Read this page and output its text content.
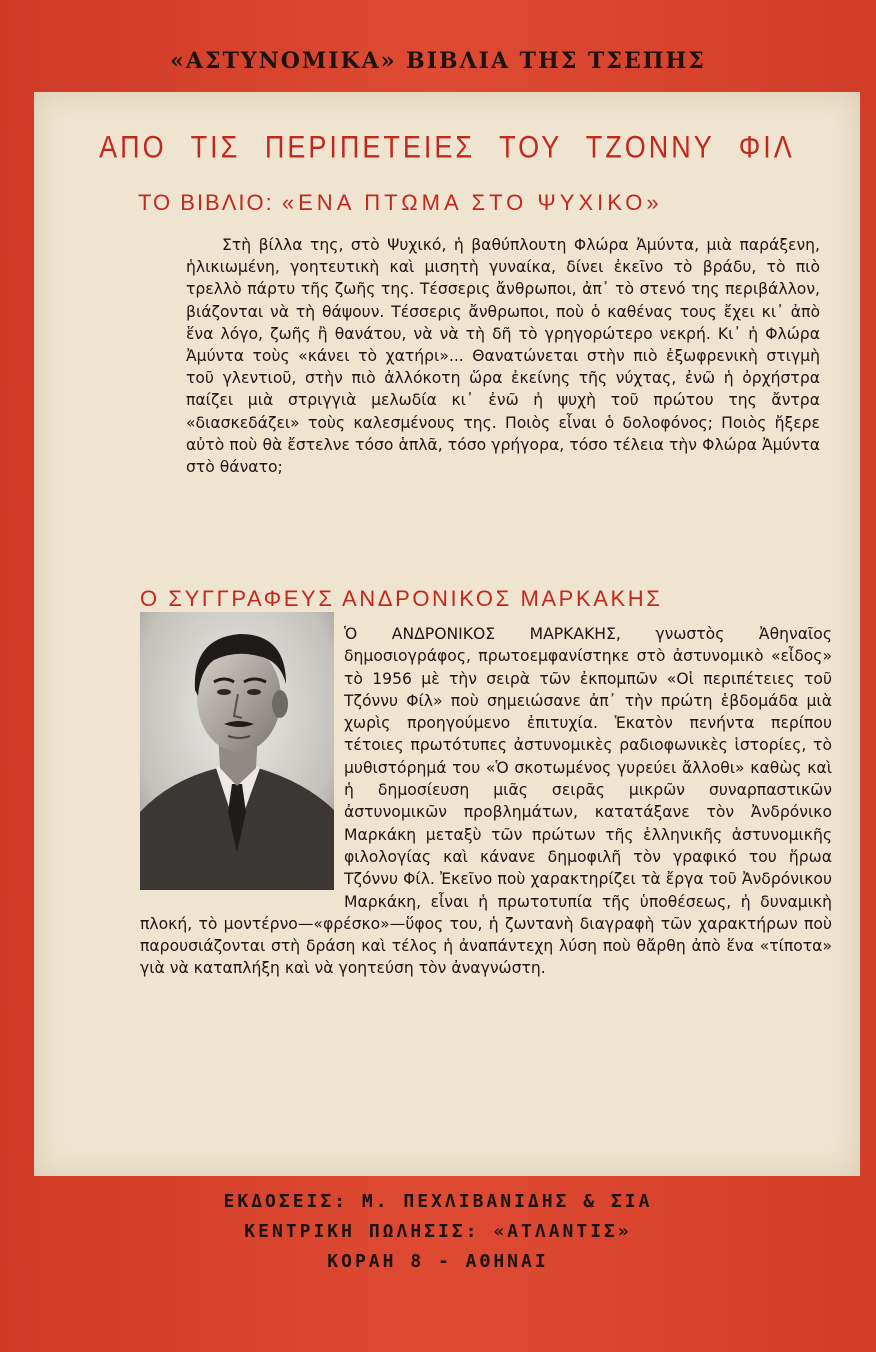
«ΑΣΤΥΝΟΜΙΚΑ» ΒΙΒΛΙΑ ΤΗΣ ΤΣΕΠΗΣ
ΑΠΟ ΤΙΣ ΠΕΡΙΠΕΤΕΙΕΣ ΤΟΥ ΤΖΟΝΝΥ ΦΙΛ
ΤΟ ΒΙΒΛΙΟ: «ΕΝΑ ΠΤΩΜΑ ΣΤΟ ΨΥΧΙΚΟ»
Στὴ βίλλα της, στὸ Ψυχικό, ἡ βαθύπλουτη Φλώρα Ἀμύντα, μιὰ παράξενη, ἡλικιωμένη, γοητευτικὴ καὶ μισητὴ γυναίκα, δίνει ἐκεῖνο τὸ βράδυ, τὸ πιὸ τρελλὸ πάρτυ τῆς ζωῆς της. Τέσσερις ἄνθρωποι, ἀπ᾽ τὸ στενό της περιβάλλον, βιάζονται νὰ τὴ θάψουν. Τέσσερις ἄνθρωποι, ποὺ ὁ καθένας τους ἔχει κι᾽ ἀπὸ ἕνα λόγο, ζωῆς ἢ θανάτου, νὰ νὰ τὴ δῆ τὸ γρηγορώτερο νεκρή. Κι᾽ ἡ Φλώρα Ἀμύντα τοὺς «κάνει τὸ χατήρι»... Θανατώνεται στὴν πιὸ ἐξωφρενικὴ στιγμὴ τοῦ γλεντιοῦ, στὴν πιὸ ἀλλόκοτη ὥρα ἐκείνης τῆς νύχτας, ἐνῶ ἡ ὀρχήστρα παίζει μιὰ στριγγιὰ μελωδία κι᾽ ἐνῶ ἡ ψυχὴ τοῦ πρώτου της ἄντρα «διασκεδάζει» τοὺς καλεσμένους της. Ποιὸς εἶναι ὁ δολοφόνος; Ποιὸς ἤξερε αὐτὸ ποὺ θὰ ἔστελνε τόσο ἁπλᾶ, τόσο γρήγορα, τόσο τέλεια τὴν Φλώρα Ἀμύντα στὸ θάνατο;
Ο ΣΥΓΓΡΑΦΕΥΣ ΑΝΔΡΟΝΙΚΟΣ ΜΑΡΚΑΚΗΣ
Ὁ ΑΝΔΡΟΝΙΚΟΣ ΜΑΡΚΑΚΗΣ, γνωστὸς Ἀθηναῖος δημοσιογράφος, πρωτοεμφανίστηκε στὸ ἀστυνομικὸ «εἶδος» τὸ 1956 μὲ τὴν σειρὰ τῶν ἐκπομπῶν «Οἱ περιπέτειες τοῦ Τζόννυ Φίλ» ποὺ σημειώσανε ἀπ᾽ τὴν πρώτη ἑβδομάδα μιὰ χωρὶς προηγούμενο ἐπιτυχία. Ἑκατὸν πενήντα περίπου τέτοιες πρωτότυπες ἀστυνομικὲς ραδιοφωνικὲς ἱστορίες, τὸ μυθιστόρημά του «Ὁ σκοτωμένος γυρεύει ἄλλοθι» καθὼς καὶ ἡ δημοσίευση μιᾶς σειρᾶς μικρῶν συναρπαστικῶν ἀστυνομικῶν προβλημάτων, κατατάξανε τὸν Ἀνδρόνικο Μαρκάκη μεταξὺ τῶν πρώτων τῆς ἑλληνικῆς ἀστυνομικῆς φιλολογίας καὶ κάνανε δημοφιλῆ τὸν γραφικό του ἥρωα Τζόννυ Φίλ. Ἐκεῖνο ποὺ χαρακτηρίζει τὰ ἔργα τοῦ Ἀνδρόνικου Μαρκάκη, εἶναι ἡ πρωτοτυπία τῆς ὑποθέσεως, ἡ δυναμικὴ πλοκή, τὸ μοντέρνο—«φρέσκο»—ὕφος του, ἡ ζωντανὴ διαγραφὴ τῶν χαρακτήρων ποὺ παρουσιάζονται στὴ δράση καὶ τέλος ἡ ἀναπάντεχη λύση ποὺ θἄρθη ἀπὸ ἕνα «τίποτα» γιὰ νὰ καταπλήξη καὶ νὰ γοητεύση τὸν ἀναγνώστη.
ΕΚΔΟΣΕΙΣ: Μ. ΠΕΧΛΙΒΑΝΙΔΗΣ & ΣΙΑ
ΚΕΝΤΡΙΚΗ ΠΩΛΗΣΙΣ: «ΑΤΛΑΝΤΙΣ»
ΚΟΡΑΗ 8 - ΑΘΗΝΑΙ
